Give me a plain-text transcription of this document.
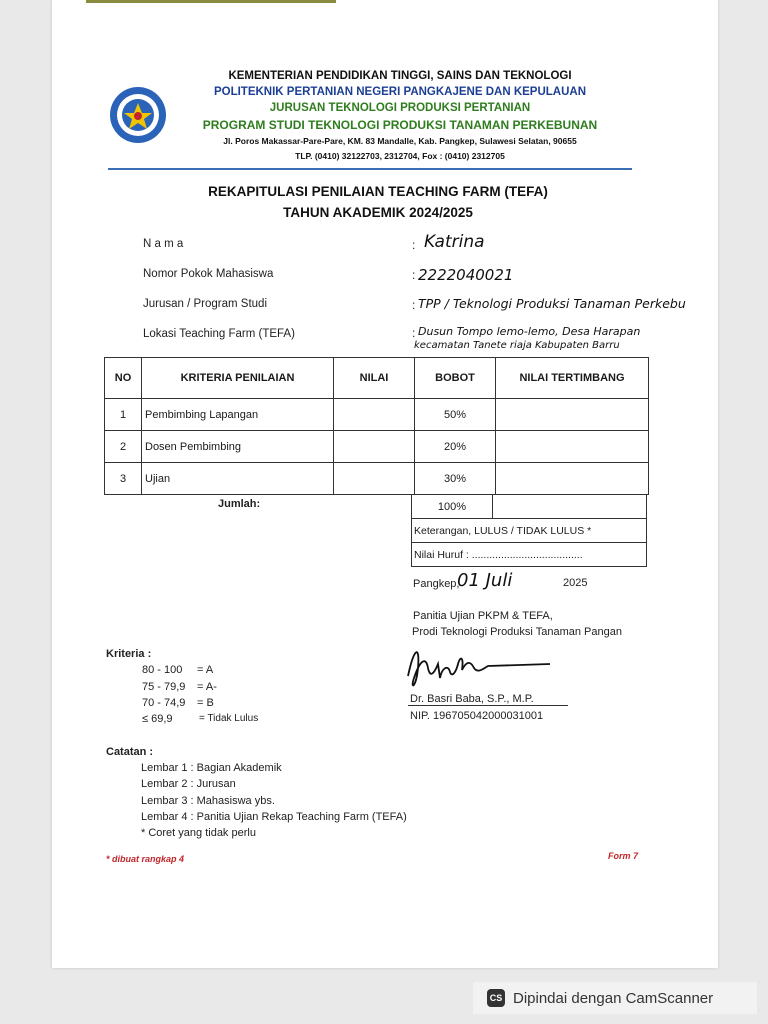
KEMENTERIAN PENDIDIKAN TINGGI, SAINS DAN TEKNOLOGI
POLITEKNIK PERTANIAN NEGERI PANGKAJENE DAN KEPULAUAN
JURUSAN TEKNOLOGI PRODUKSI PERTANIAN
PROGRAM STUDI TEKNOLOGI PRODUKSI TANAMAN PERKEBUNAN
Jl. Poros Makassar-Pare-Pare, KM. 83 Mandalle, Kab. Pangkep, Sulawesi Selatan, 90655
TLP. (0410) 32122703, 2312704, Fox : (0410) 2312705
REKAPITULASI PENILAIAN TEACHING FARM (TEFA)
TAHUN AKADEMIK 2024/2025
N a m a	: Katrina
Nomor Pokok Mahasiswa	: 2222040021
Jurusan / Program Studi	: TPP / Teknologi Produksi Tanaman Perkebu
Lokasi Teaching Farm (TEFA)	: Dusun Tompo lemo-lemo, Desa Harapan
kecamatan Tanete riaja Kabupaten Barru
NO	KRITERIA PENILAIAN	NILAI	BOBOT	NILAI TERTIMBANG
1	Pembimbing Lapangan		50%	
2	Dosen Pembimbing		20%	
3	Ujian		30%	
Jumlah:	100%
Keterangan, LULUS / TIDAK LULUS *
Nilai Huruf : ......................................
Pangkep,
01 Juli	2025
Panitia Ujian PKPM & TEFA,
Prodi Teknologi Produksi Tanaman Pangan
Dr. Basri Baba, S.P., M.P.
NIP. 196705042000031001
Kriteria :
80 - 100 = A
75 - 79,9 = A-
70 - 74,9 = B
≤ 69,9	= Tidak Lulus
Catatan :
Lembar 1 : Bagian Akademik
Lembar 2 : Jurusan
Lembar 3 : Mahasiswa ybs.
Lembar 4 : Panitia Ujian Rekap Teaching Farm (TEFA)
* Coret yang tidak perlu
* dibuat rangkap 4	Form 7
CS Dipindai dengan CamScanner
